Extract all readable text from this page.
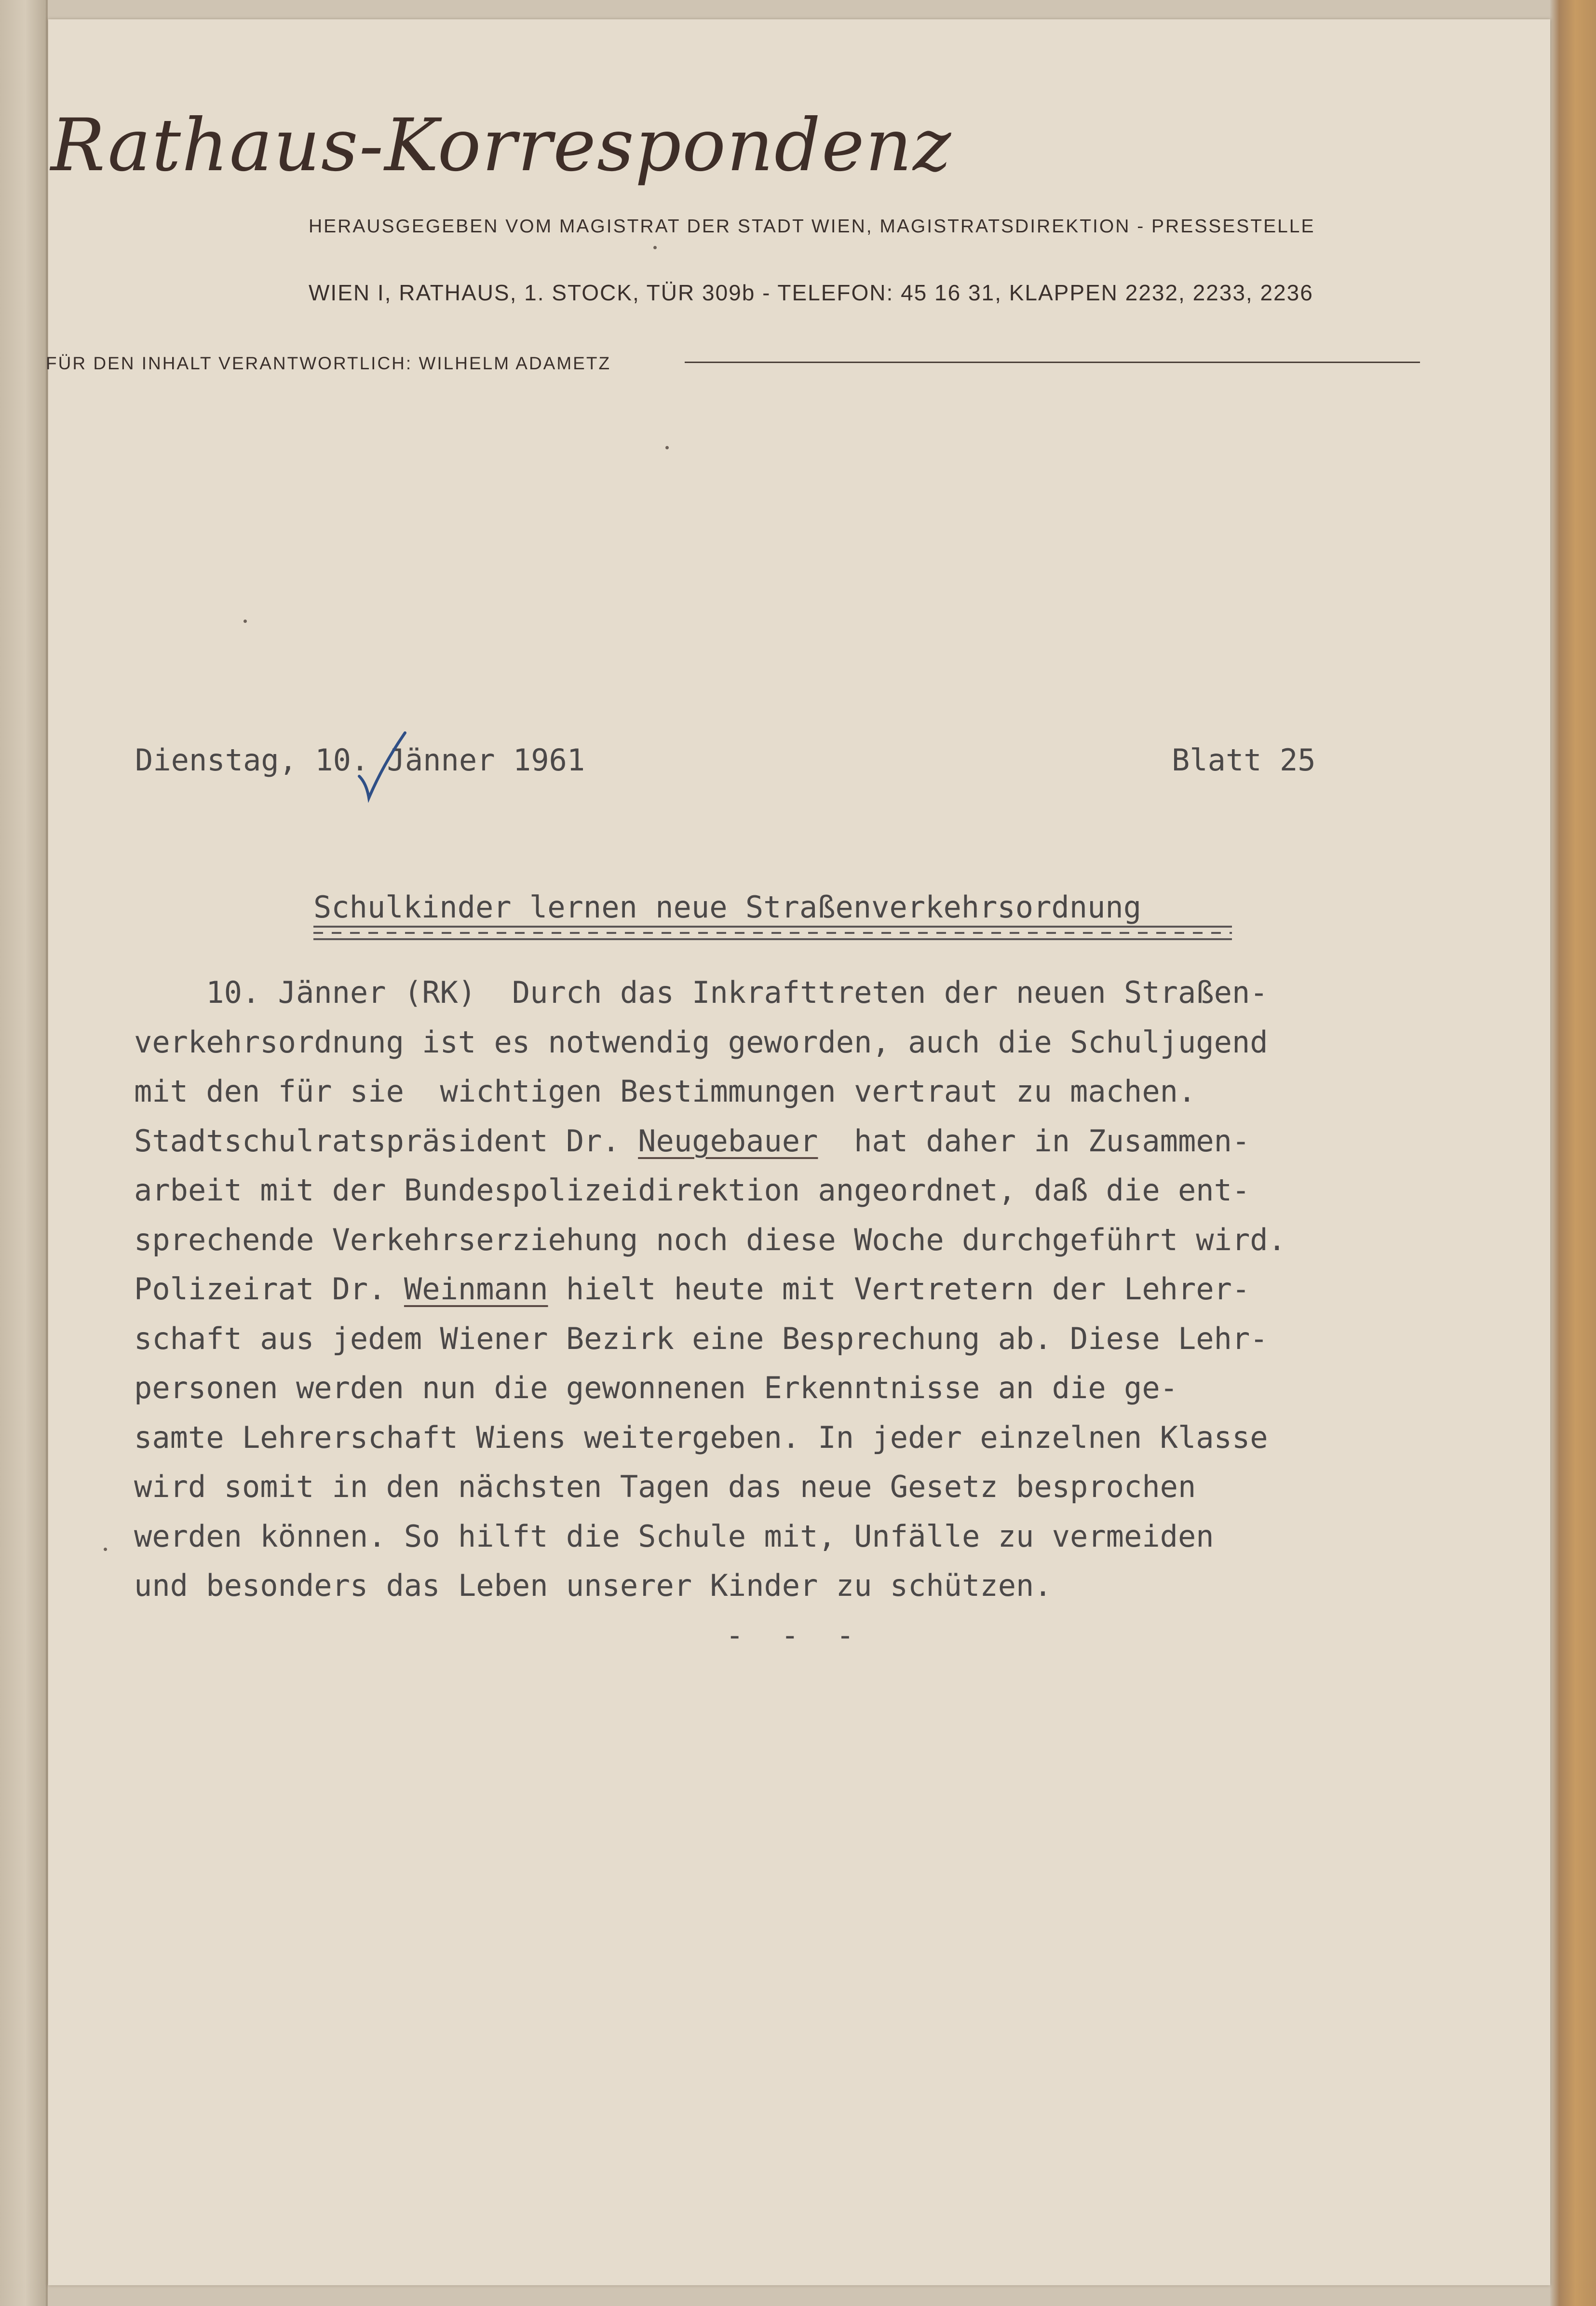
Rathaus-Korrespondenz
HERAUSGEGEBEN VOM MAGISTRAT DER STADT WIEN, MAGISTRATSDIREKTION - PRESSESTELLE
WIEN I, RATHAUS, 1. STOCK, TÜR 309b - TELEFON: 45 16 31, KLAPPEN 2232, 2233, 2236
FÜR DEN INHALT VERANTWORTLICH: WILHELM ADAMETZ
Dienstag, 10. Jänner 1961	Blatt 25
Schulkinder lernen neue Straßenverkehrsordnung
10. Jänner (RK)  Durch das Inkrafttreten der neuen Straßen-
verkehrsordnung ist es notwendig geworden, auch die Schuljugend
mit den für sie  wichtigen Bestimmungen vertraut zu machen.
Stadtschulratspräsident Dr. Neugebauer  hat daher in Zusammen-
arbeit mit der Bundespolizeidirektion angeordnet, daß die ent-
sprechende Verkehrserziehung noch diese Woche durchgeführt wird.
Polizeirat Dr. Weinmann hielt heute mit Vertretern der Lehrer-
schaft aus jedem Wiener Bezirk eine Besprechung ab. Diese Lehr-
personen werden nun die gewonnenen Erkenntnisse an die ge-
samte Lehrerschaft Wiens weitergeben. In jeder einzelnen Klasse
wird somit in den nächsten Tagen das neue Gesetz besprochen
werden können. So hilft die Schule mit, Unfälle zu vermeiden
und besonders das Leben unserer Kinder zu schützen.
- - -
